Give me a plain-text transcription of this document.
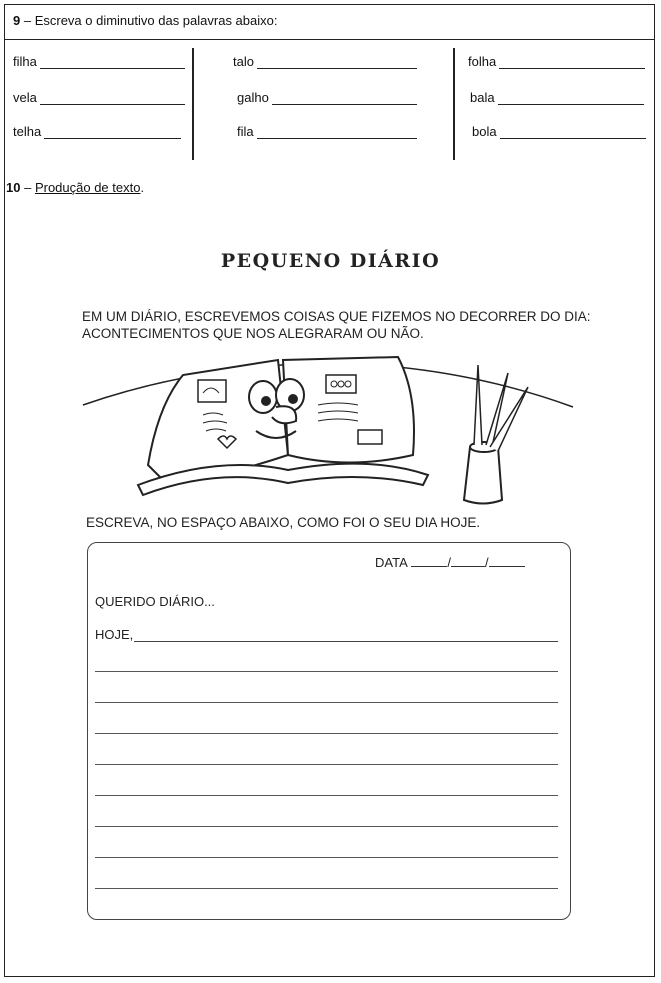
9 – Escreva o diminutivo das palavras abaixo:
filha	talo	folha
vela	galho	bala
telha	fila	bola
10 – Produção de texto.
PEQUENO DIÁRIO
EM UM DIÁRIO, ESCREVEMOS COISAS QUE FIZEMOS NO DECORRER DO DIA:
ACONTECIMENTOS QUE NOS ALEGRARAM OU NÃO.
ESCREVA, NO ESPAÇO ABAIXO, COMO FOI O SEU DIA HOJE.
DATA	/	/
QUERIDO DIÁRIO...
HOJE,
